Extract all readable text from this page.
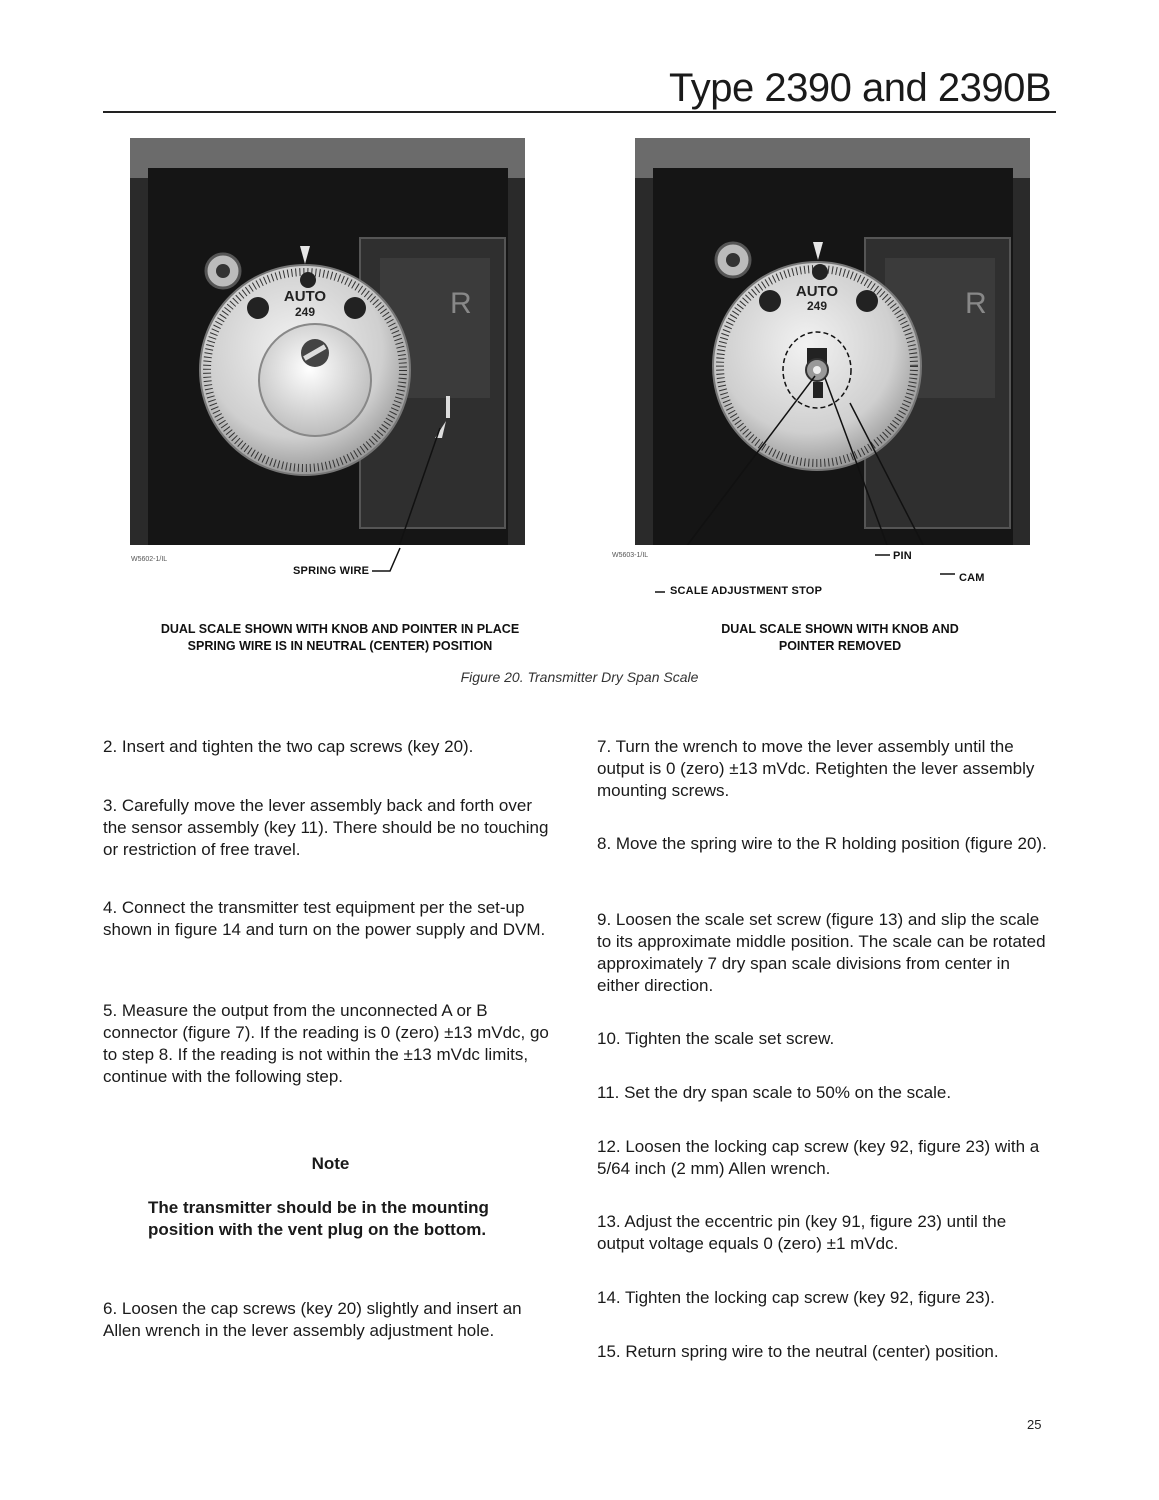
Type 2390 and 2390B
R
AUTO
249	R
AUTO
249
W5602-1/IL
SPRING WIRE
W5603-1/IL	PIN
CAM
SCALE ADJUSTMENT STOP
DUAL SCALE SHOWN WITH KNOB AND POINTER IN PLACE
SPRING WIRE IS IN NEUTRAL (CENTER) POSITION
DUAL SCALE SHOWN WITH KNOB AND
POINTER REMOVED
Figure 20. Transmitter Dry Span Scale

2. Insert and tighten the two cap screws (key 20).

3. Carefully move the lever assembly back and forth over the sensor assembly (key 11). There should be no touching or restriction of free travel.

4. Connect the transmitter test equipment per the set-up shown in figure 14 and turn on the power supply and DVM.

5. Measure the output from the unconnected A or B connector (figure 7). If the reading is 0 (zero) ±13 mVdc, go to step 8. If the reading is not within the ±13 mVdc limits, continue with the following step.

Note
The transmitter should be in the mounting position with the vent plug on the bottom.

6. Loosen the cap screws (key 20) slightly and insert an Allen wrench in the lever assembly adjustment hole.

7. Turn the wrench to move the lever assembly until the output is 0 (zero) ±13 mVdc. Retighten the lever assembly mounting screws.

8. Move the spring wire to the R holding position (figure 20).

9. Loosen the scale set screw (figure 13) and slip the scale to its approximate middle position. The scale can be rotated approximately 7 dry span scale divisions from center in either direction.

10. Tighten the scale set screw.

11. Set the dry span scale to 50% on the scale.

12. Loosen the locking cap screw (key 92, figure 23) with a 5/64 inch (2 mm) Allen wrench.

13. Adjust the eccentric pin (key 91, figure 23) until the output voltage equals 0 (zero) ±1 mVdc.

14. Tighten the locking cap screw (key 92, figure 23).

15. Return spring wire to the neutral (center) position.

25
